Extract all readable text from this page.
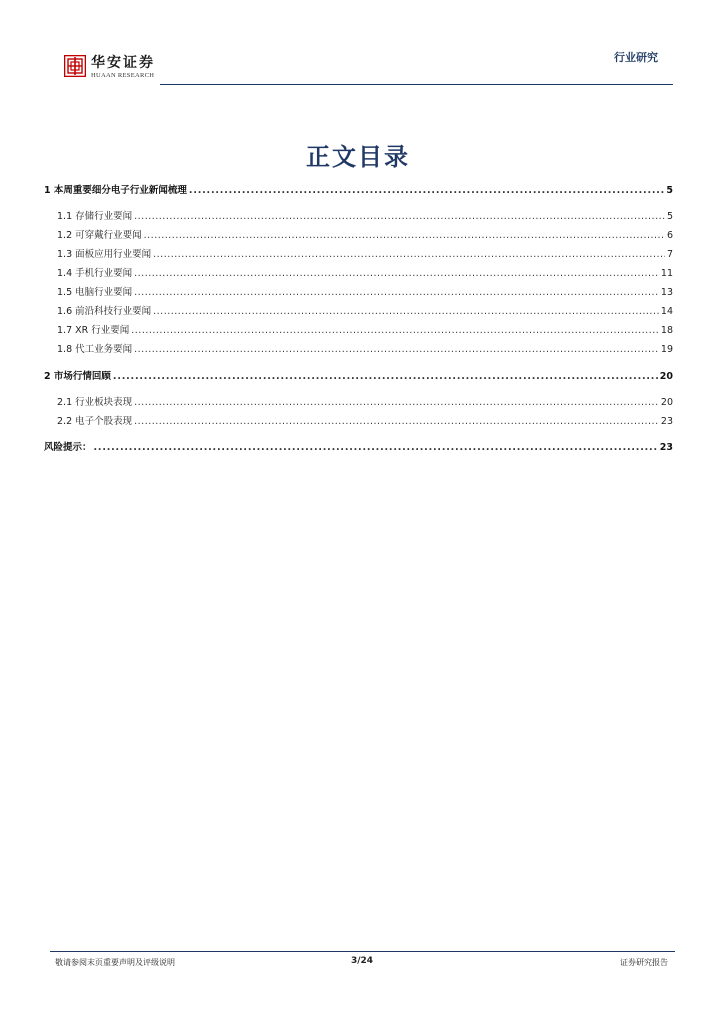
华安证券
HUAAN RESEARCH
行业研究
正文目录
1 本周重要细分电子行业新闻梳理 .....	5
1.1 存储行业要闻 .....	5
1.2 可穿戴行业要闻 .....	6
1.3 面板应用行业要闻 .....	7
1.4 手机行业要闻 .....	11
1.5 电脑行业要闻 .....	13
1.6 前沿科技行业要闻 .....	14
1.7 XR 行业要闻 .....	18
1.8 代工业务要闻 .....	19
2 市场行情回顾 .....	20
2.1 行业板块表现 .....	20
2.2 电子个股表现 .....	23
风险提示： .....	23
敬请参阅末页重要声明及评级说明	3/24	证券研究报告
